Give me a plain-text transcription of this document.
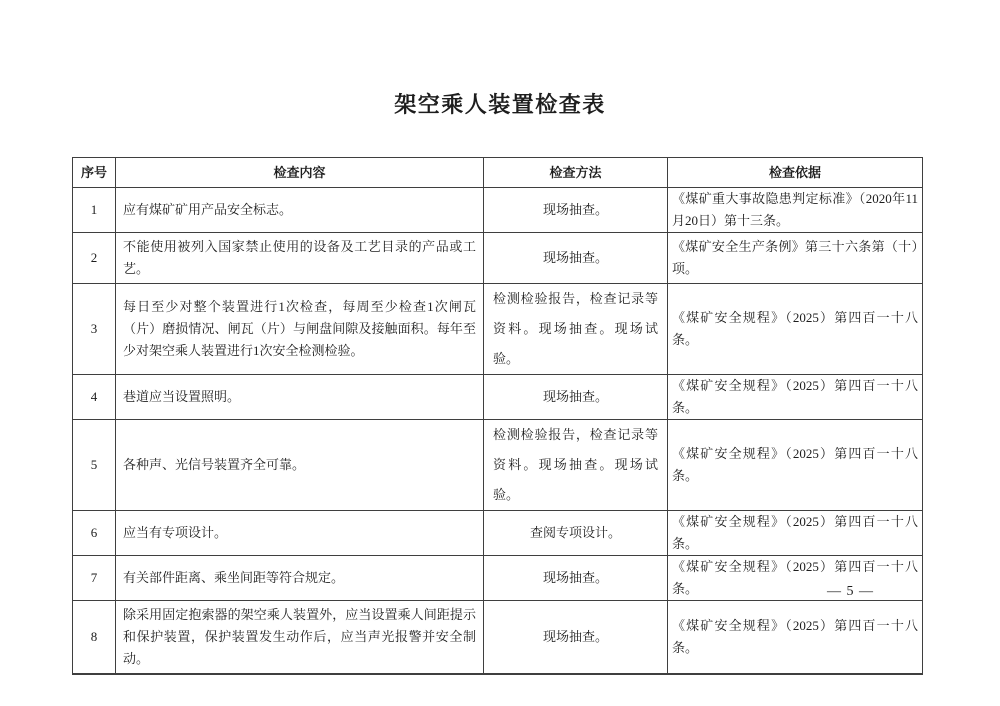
架空乘人装置检查表
序号	检查内容	检查方法	检查依据
1	应有煤矿矿用产品安全标志。	现场抽查。	《煤矿重大事故隐患判定标准》（2020年11月20日）第十三条。
2	不能使用被列入国家禁止使用的设备及工艺目录的产品或工艺。	现场抽查。	《煤矿安全生产条例》第三十六条第（十）项。
3	每日至少对整个装置进行1次检查，每周至少检查1次闸瓦（片）磨损情况、闸瓦（片）与闸盘间隙及接触面积。每年至少对架空乘人装置进行1次安全检测检验。	检测检验报告，检查记录等资料。现场抽查。现场试验。	《煤矿安全规程》（2025）第四百一十八条。
4	巷道应当设置照明。	现场抽查。	《煤矿安全规程》（2025）第四百一十八条。
5	各种声、光信号装置齐全可靠。	检测检验报告，检查记录等资料。现场抽查。现场试验。	《煤矿安全规程》（2025）第四百一十八条。
6	应当有专项设计。	查阅专项设计。	《煤矿安全规程》（2025）第四百一十八条。
7	有关部件距离、乘坐间距等符合规定。	现场抽查。	《煤矿安全规程》（2025）第四百一十八条。
8	除采用固定抱索器的架空乘人装置外，应当设置乘人间距提示和保护装置，保护装置发生动作后，应当声光报警并安全制动。	现场抽查。	《煤矿安全规程》（2025）第四百一十八条。
— 5 —
